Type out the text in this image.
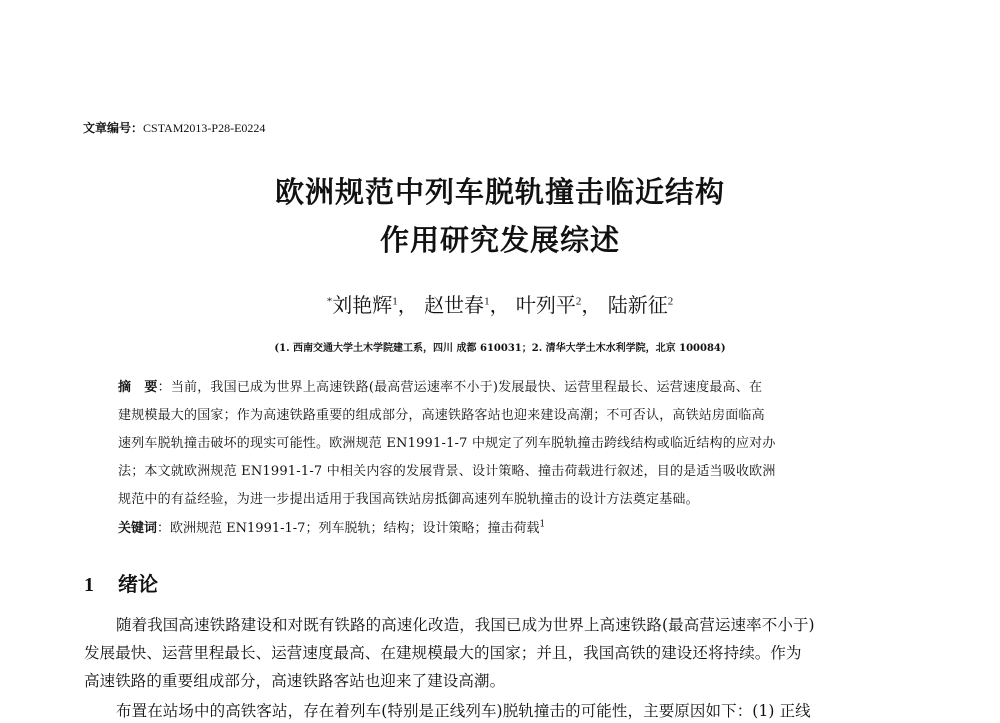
文章编号：CSTAM2013-P28-E0224

欧洲规范中列车脱轨撞击临近结构
作用研究发展综述

*刘艳辉$^1$， 赵世春$^1$， 叶列平$^2$， 陆新征$^2$

(1. 西南交通大学土木学院建工系，四川 成都 610031；2. 清华大学土木水利学院，北京 100084)

摘　要：当前，我国已成为世界上高速铁路(最高营运速率不小于)发展最快、运营里程最长、运营速度最高、在

建规模最大的国家；作为高速铁路重要的组成部分，高速铁路客站也迎来建设高潮；不可否认，高铁站房面临高

速列车脱轨撞击破坏的现实可能性。欧洲规范 EN1991-1-7 中规定了列车脱轨撞击跨线结构或临近结构的应对办

法；本文就欧洲规范 EN1991-1-7 中相关内容的发展背景、设计策略、撞击荷载进行叙述，目的是适当吸收欧洲

规范中的有益经验，为进一步提出适用于我国高铁站房抵御高速列车脱轨撞击的设计方法奠定基础。

关键词：欧洲规范 EN1991-1-7；列车脱轨；结构；设计策略；撞击荷载$^1$

1 绪论

随着我国高速铁路建设和对既有铁路的高速化改造，我国已成为世界上高速铁路(最高营运速率不小于)

发展最快、运营里程最长、运营速度最高、在建规模最大的国家；并且，我国高铁的建设还将持续。作为

高速铁路的重要组成部分，高速铁路客站也迎来了建设高潮。

布置在站场中的高铁客站，存在着列车(特别是正线列车)脱轨撞击的可能性，主要原因如下：(1) 正线
